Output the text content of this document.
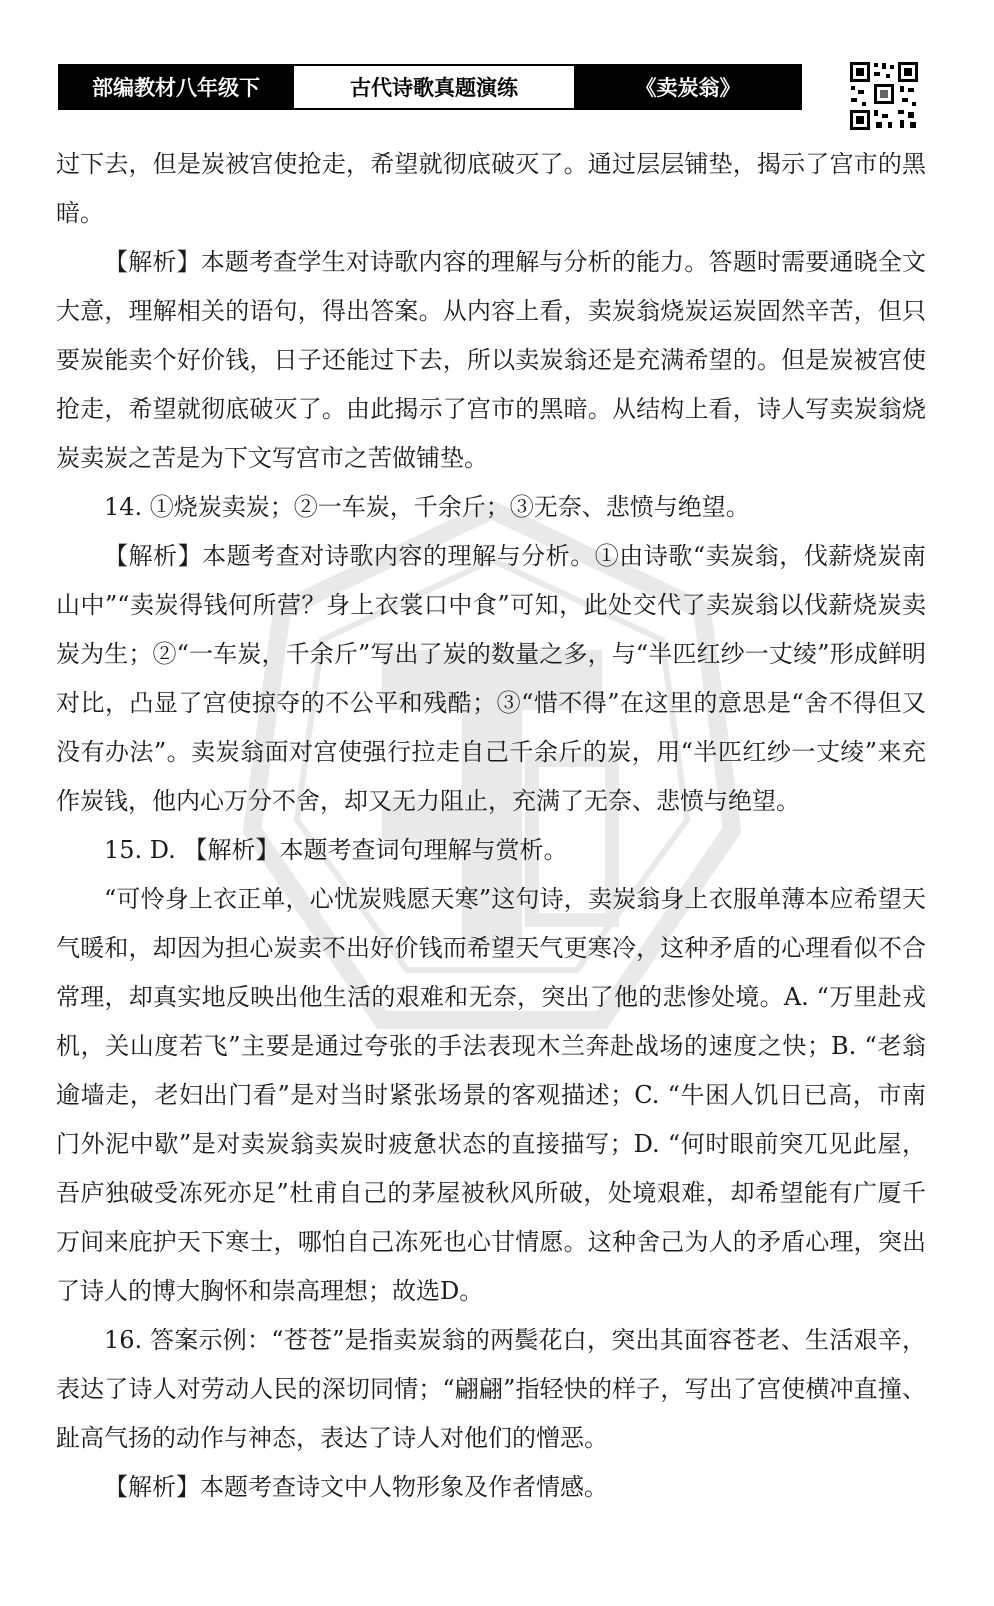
部编教材八年级下	古代诗歌真题演练	《卖炭翁》

过下去，但是炭被宫使抢走，希望就彻底破灭了。通过层层铺垫，揭示了宫市的黑暗。

【解析】本题考查学生对诗歌内容的理解与分析的能力。答题时需要通晓全文大意，理解相关的语句，得出答案。从内容上看，卖炭翁烧炭运炭固然辛苦，但只要炭能卖个好价钱，日子还能过下去，所以卖炭翁还是充满希望的。但是炭被宫使抢走，希望就彻底破灭了。由此揭示了宫市的黑暗。从结构上看，诗人写卖炭翁烧炭卖炭之苦是为下文写宫市之苦做铺垫。

14. ①烧炭卖炭；②一车炭，千余斤；③无奈、悲愤与绝望。

【解析】本题考查对诗歌内容的理解与分析。①由诗歌“卖炭翁，伐薪烧炭南山中”“卖炭得钱何所营？身上衣裳口中食”可知，此处交代了卖炭翁以伐薪烧炭卖炭为生；②“一车炭，千余斤”写出了炭的数量之多，与“半匹红纱一丈绫”形成鲜明对比，凸显了宫使掠夺的不公平和残酷；③“惜不得”在这里的意思是“舍不得但又没有办法”。卖炭翁面对宫使强行拉走自己千余斤的炭，用“半匹红纱一丈绫”来充作炭钱，他内心万分不舍，却又无力阻止，充满了无奈、悲愤与绝望。

15. D. 【解析】本题考查词句理解与赏析。

“可怜身上衣正单，心忧炭贱愿天寒”这句诗，卖炭翁身上衣服单薄本应希望天气暖和，却因为担心炭卖不出好价钱而希望天气更寒冷，这种矛盾的心理看似不合常理，却真实地反映出他生活的艰难和无奈，突出了他的悲惨处境。A. “万里赴戎机，关山度若飞”主要是通过夸张的手法表现木兰奔赴战场的速度之快；B. “老翁逾墙走，老妇出门看”是对当时紧张场景的客观描述；C. “牛困人饥日已高，市南门外泥中歇”是对卖炭翁卖炭时疲惫状态的直接描写；D. “何时眼前突兀见此屋，吾庐独破受冻死亦足”杜甫自己的茅屋被秋风所破，处境艰难，却希望能有广厦千万间来庇护天下寒士，哪怕自己冻死也心甘情愿。这种舍己为人的矛盾心理，突出了诗人的博大胸怀和崇高理想；故选D。

16. 答案示例：“苍苍”是指卖炭翁的两鬓花白，突出其面容苍老、生活艰辛，表达了诗人对劳动人民的深切同情；“翩翩”指轻快的样子，写出了宫使横冲直撞、趾高气扬的动作与神态，表达了诗人对他们的憎恶。

【解析】本题考查诗文中人物形象及作者情感。
